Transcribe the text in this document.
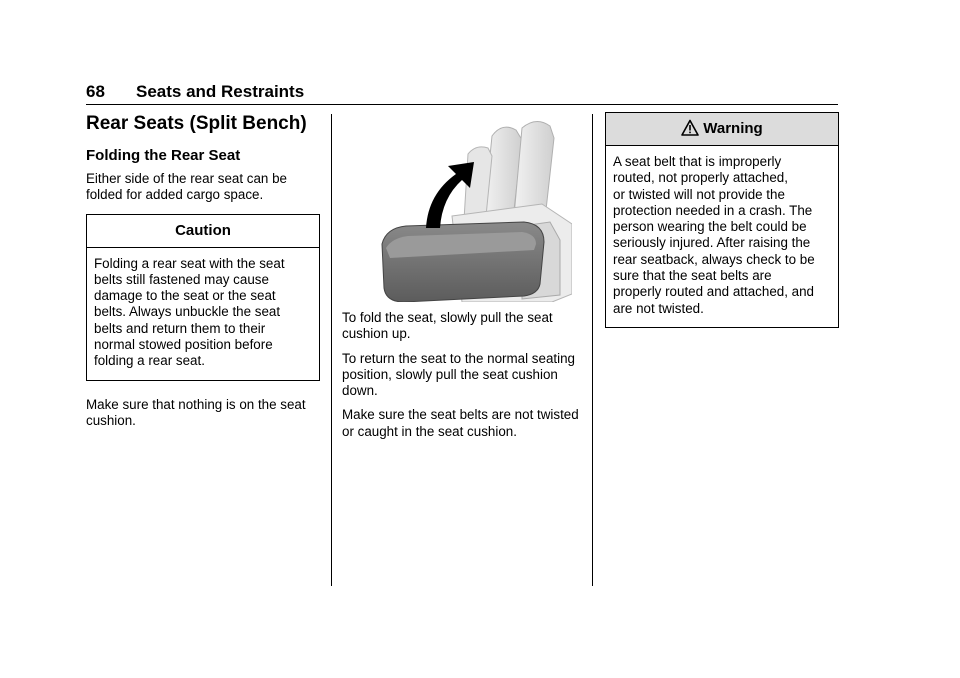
68 Seats and Restraints
Rear Seats (Split Bench)
Folding the Rear Seat

Either side of the rear seat can be folded for added cargo space.

Caution

Folding a rear seat with the seat
belts still fastened may cause
damage to the seat or the seat
belts. Always unbuckle the seat
belts and return them to their
normal stowed position before
folding a rear seat.

Make sure that nothing is on the seat cushion.

To fold the seat, slowly pull the seat cushion up.

To return the seat to the normal seating position, slowly pull the seat cushion down.

Make sure the seat belts are not twisted or caught in the seat cushion.

Warning

A seat belt that is improperly
routed, not properly attached,
or twisted will not provide the
protection needed in a crash. The
person wearing the belt could be
seriously injured. After raising the
rear seatback, always check to be
sure that the seat belts are
properly routed and attached, and
are not twisted.
